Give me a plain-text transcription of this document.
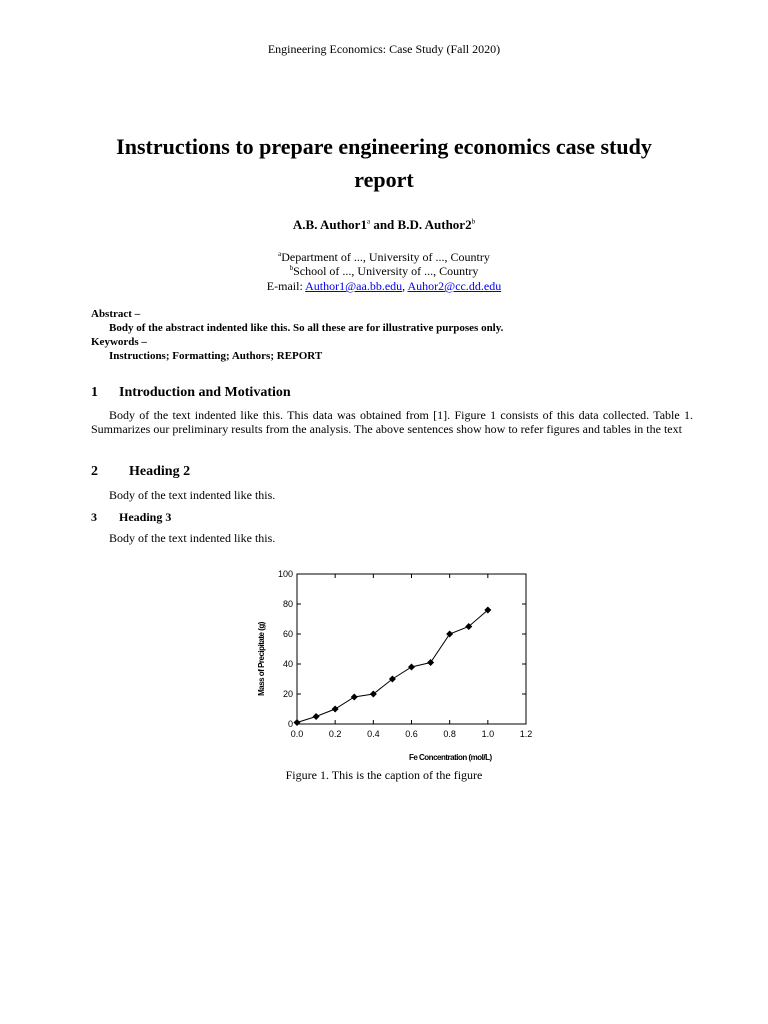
Engineering Economics: Case Study (Fall 2020)
Instructions to prepare engineering economics case study
report
A.B. Author1$^a$ and B.D. Author2$^b$
$^a$Department of ..., University of ..., Country
$^b$School of ..., University of ..., Country
E-mail: Author1@aa.bb.edu, Auhor2@cc.dd.edu
Abstract –
Body of the abstract indented like this. So all these are for illustrative purposes only.
Keywords –
Instructions; Formatting; Authors; REPORT
1 Introduction and Motivation

Body of the text indented like this. This data was obtained from [1]. Figure 1 consists of this data collected. Table 1. Summarizes our preliminary results from the analysis. The above sentences show how to refer figures and tables in the text

2 Heading 2

Body of the text indented like this.

3 Heading 3

Body of the text indented like this.

0.0	0.2	0.4	0.6	0.8	1.0	1.2
0
20
40
60
80
100
Fe Concentration (mol/L)
Mass of Precipitate (g)
Figure 1. This is the caption of the figure
